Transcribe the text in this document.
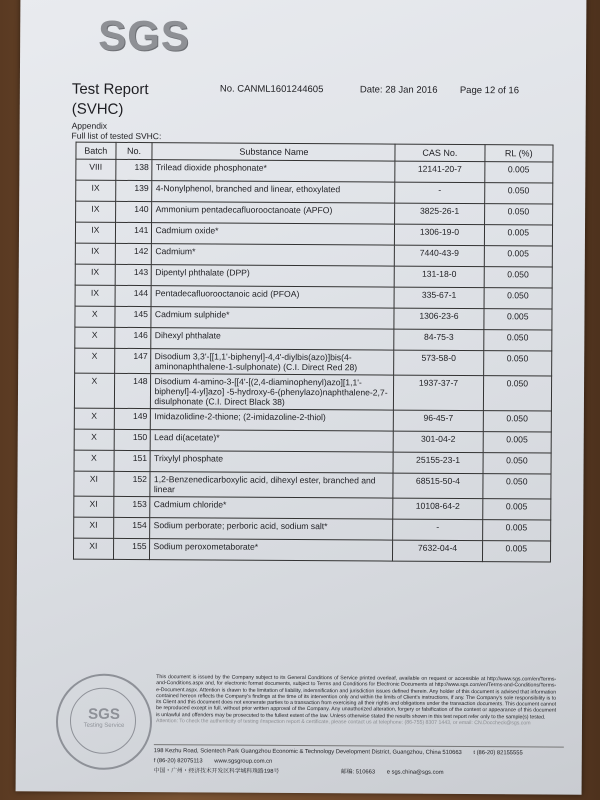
SGS
Test Report
(SVHC)
No. CANML1601244605	Date: 28 Jan 2016 Page 12 of 16
Appendix
Full list of tested SVHC:
Batch	No.	Substance Name	CAS No.	RL (%)
VIII	138	Trilead dioxide phosphonate*	12141-20-7	0.005
IX	139	4-Nonylphenol, branched and linear, ethoxylated	-	0.050
IX	140	Ammonium pentadecafluorooctanoate (APFO)	3825-26-1	0.050
IX	141	Cadmium oxide*	1306-19-0	0.005
IX	142	Cadmium*	7440-43-9	0.005
IX	143	Dipentyl phthalate (DPP)	131-18-0	0.050
IX	144	Pentadecafluorooctanoic acid (PFOA)	335-67-1	0.050
X	145	Cadmium sulphide*	1306-23-6	0.005
X	146	Dihexyl phthalate	84-75-3	0.050
X	147	Disodium 3,3'-[[1,1'-biphenyl]-4,4'-diylbis(azo)]bis(4-aminonaphthalene-1-sulphonate) (C.I. Direct Red 28)	573-58-0	0.050
X	148	Disodium 4-amino-3-[[4'-[(2,4-diaminophenyl)azo][1,1'-biphenyl]-4-yl]azo] -5-hydroxy-6-(phenylazo)naphthalene-2,7-disulphonate (C.I. Direct Black 38)	1937-37-7	0.050
X	149	Imidazolidine-2-thione; (2-imidazoline-2-thiol)	96-45-7	0.050
X	150	Lead di(acetate)*	301-04-2	0.005
X	151	Trixylyl phosphate	25155-23-1	0.050
XI	152	1,2-Benzenedicarboxylic acid, dihexyl ester, branched and linear	68515-50-4	0.050
XI	153	Cadmium chloride*	10108-64-2	0.005
XI	154	Sodium perborate; perboric acid, sodium salt*	-	0.005
XI	155	Sodium peroxometaborate*	7632-04-4	0.005
SGS
Testing Service
This document is issued by the Company subject to its General Conditions of Service printed overleaf, available on request or accessible at http://www.sgs.com/en/Terms-and-Conditions.aspx and, for electronic format documents, subject to Terms and Conditions for Electronic Documents at http://www.sgs.com/en/Terms-and-Conditions/Terms-e-Document.aspx. Attention is drawn to the limitation of liability, indemnification and jurisdiction issues defined therein. Any holder of this document is advised that information contained hereon reflects the Company's findings at the time of its intervention only and within the limits of Client's instructions, if any. The Company's sole responsibility is to its Client and this document does not exonerate parties to a transaction from exercising all their rights and obligations under the transaction documents. This document cannot be reproduced except in full, without prior written approval of the Company. Any unauthorized alteration, forgery or falsification of the content or appearance of this document is unlawful and offenders may be prosecuted to the fullest extent of the law. Unless otherwise stated the results shown in this test report refer only to the sample(s) tested.
Attention: To check the authenticity of testing /inspection report & certificate, please contact us at telephone: (86-755) 8307 1443, or email: CN.Doccheck@sgs.com
198 Kezhu Road, Scientech Park Guangzhou Economic & Technology Development District, Guangzhou, China 510663 t (86-20) 82155555 f (86-20) 82075113 www.sgsgroup.com.cn
中国・广州・经济技术开发区科学城科珠路198号	邮编: 510663 e sgs.china@sgs.com
